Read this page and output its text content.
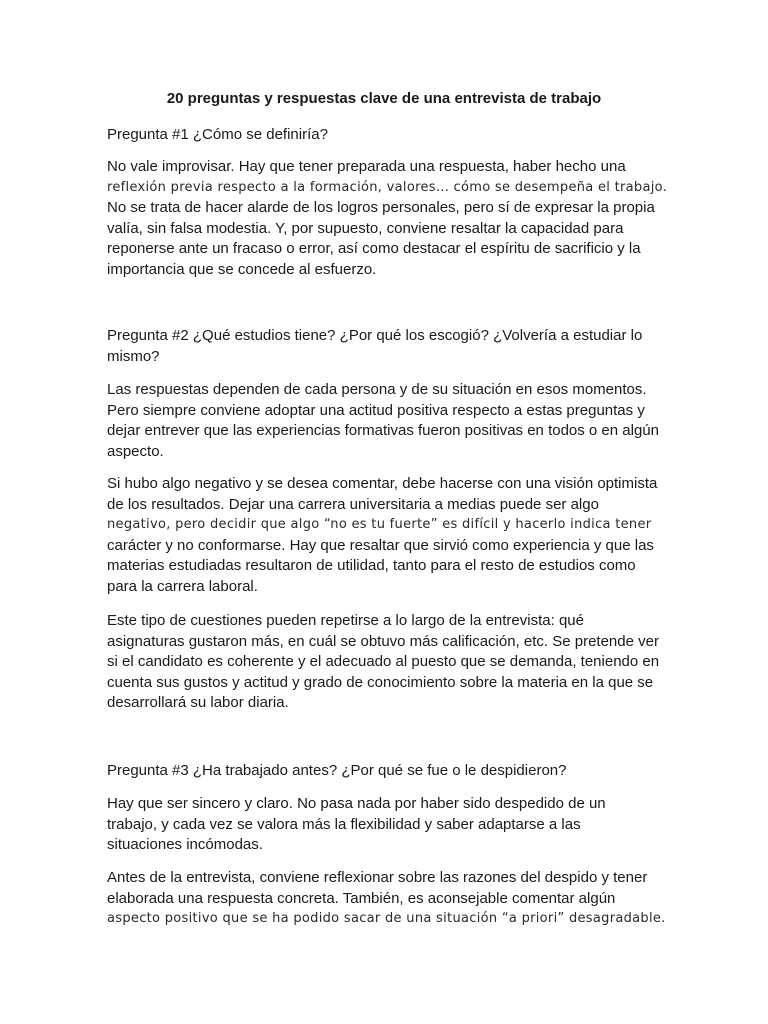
20 preguntas y respuestas clave de una entrevista de trabajo

Pregunta #1 ¿Cómo se definiría?

No vale improvisar. Hay que tener preparada una respuesta, haber hecho una
reflexión previa respecto a la formación, valores… cómo se desempeña el trabajo.
No se trata de hacer alarde de los logros personales, pero sí de expresar la propia
valía, sin falsa modestia. Y, por supuesto, conviene resaltar la capacidad para
reponerse ante un fracaso o error, así como destacar el espíritu de sacrificio y la
importancia que se concede al esfuerzo.

Pregunta #2 ¿Qué estudios tiene? ¿Por qué los escogió? ¿Volvería a estudiar lo
mismo?

Las respuestas dependen de cada persona y de su situación en esos momentos.
Pero siempre conviene adoptar una actitud positiva respecto a estas preguntas y
dejar entrever que las experiencias formativas fueron positivas en todos o en algún
aspecto.

Si hubo algo negativo y se desea comentar, debe hacerse con una visión optimista
de los resultados. Dejar una carrera universitaria a medias puede ser algo
negativo, pero decidir que algo “no es tu fuerte” es difícil y hacerlo indica tener
carácter y no conformarse. Hay que resaltar que sirvió como experiencia y que las
materias estudiadas resultaron de utilidad, tanto para el resto de estudios como
para la carrera laboral.

Este tipo de cuestiones pueden repetirse a lo largo de la entrevista: qué
asignaturas gustaron más, en cuál se obtuvo más calificación, etc. Se pretende ver
si el candidato es coherente y el adecuado al puesto que se demanda, teniendo en
cuenta sus gustos y actitud y grado de conocimiento sobre la materia en la que se
desarrollará su labor diaria.

Pregunta #3 ¿Ha trabajado antes? ¿Por qué se fue o le despidieron?

Hay que ser sincero y claro. No pasa nada por haber sido despedido de un
trabajo, y cada vez se valora más la flexibilidad y saber adaptarse a las
situaciones incómodas.

Antes de la entrevista, conviene reflexionar sobre las razones del despido y tener
elaborada una respuesta concreta. También, es aconsejable comentar algún
aspecto positivo que se ha podido sacar de una situación “a priori” desagradable.
